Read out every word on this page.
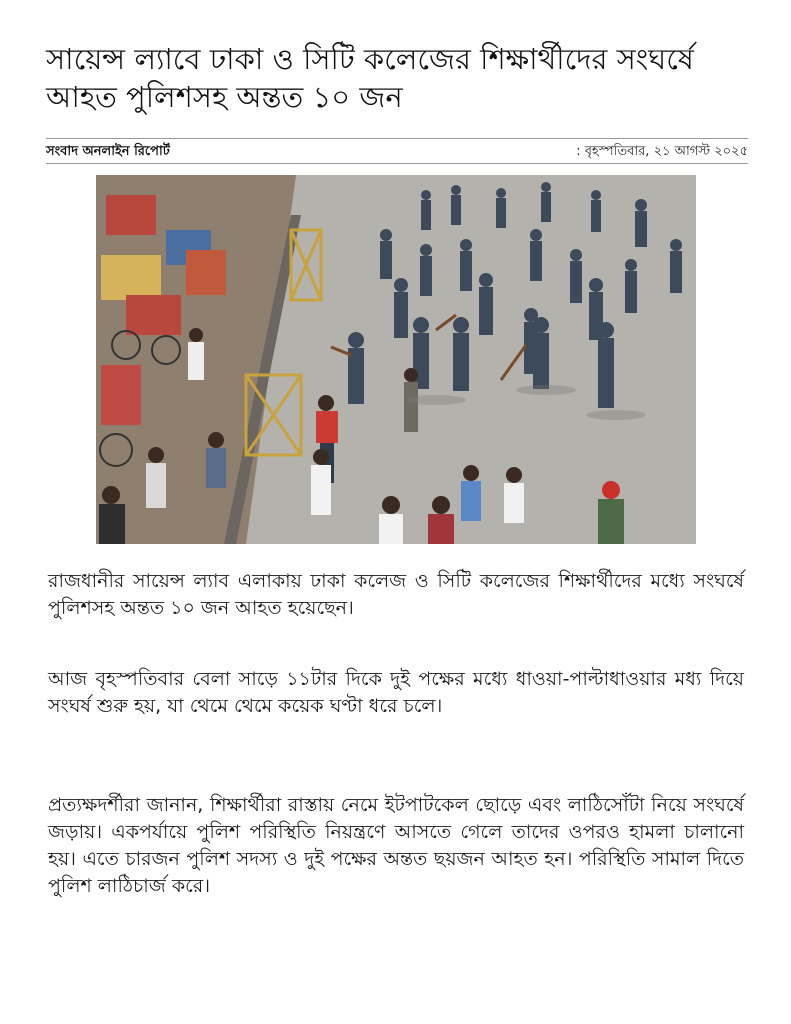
সায়েন্স ল্যাবে ঢাকা ও সিটি কলেজের শিক্ষার্থীদের সংঘর্ষে আহত পুলিশসহ অন্তত ১০ জন
সংবাদ অনলাইন রিপোর্ট	: বৃহস্পতিবার, ২১ আগস্ট ২০২৫

রাজধানীর সায়েন্স ল্যাব এলাকায় ঢাকা কলেজ ও সিটি কলেজের শিক্ষার্থীদের মধ্যে সংঘর্ষে পুলিশসহ অন্তত ১০ জন আহত হয়েছেন।

আজ বৃহস্পতিবার বেলা সাড়ে ১১টার দিকে দুই পক্ষের মধ্যে ধাওয়া-পাল্টাধাওয়ার মধ্য দিয়ে সংঘর্ষ শুরু হয়, যা থেমে থেমে কয়েক ঘণ্টা ধরে চলে।

প্রত্যক্ষদর্শীরা জানান, শিক্ষার্থীরা রাস্তায় নেমে ইটপাটকেল ছোড়ে এবং লাঠিসোঁটা নিয়ে সংঘর্ষে জড়ায়। একপর্যায়ে পুলিশ পরিস্থিতি নিয়ন্ত্রণে আসতে গেলে তাদের ওপরও হামলা চালানো হয়। এতে চারজন পুলিশ সদস্য ও দুই পক্ষের অন্তত ছয়জন আহত হন। পরিস্থিতি সামাল দিতে পুলিশ লাঠিচার্জ করে।
